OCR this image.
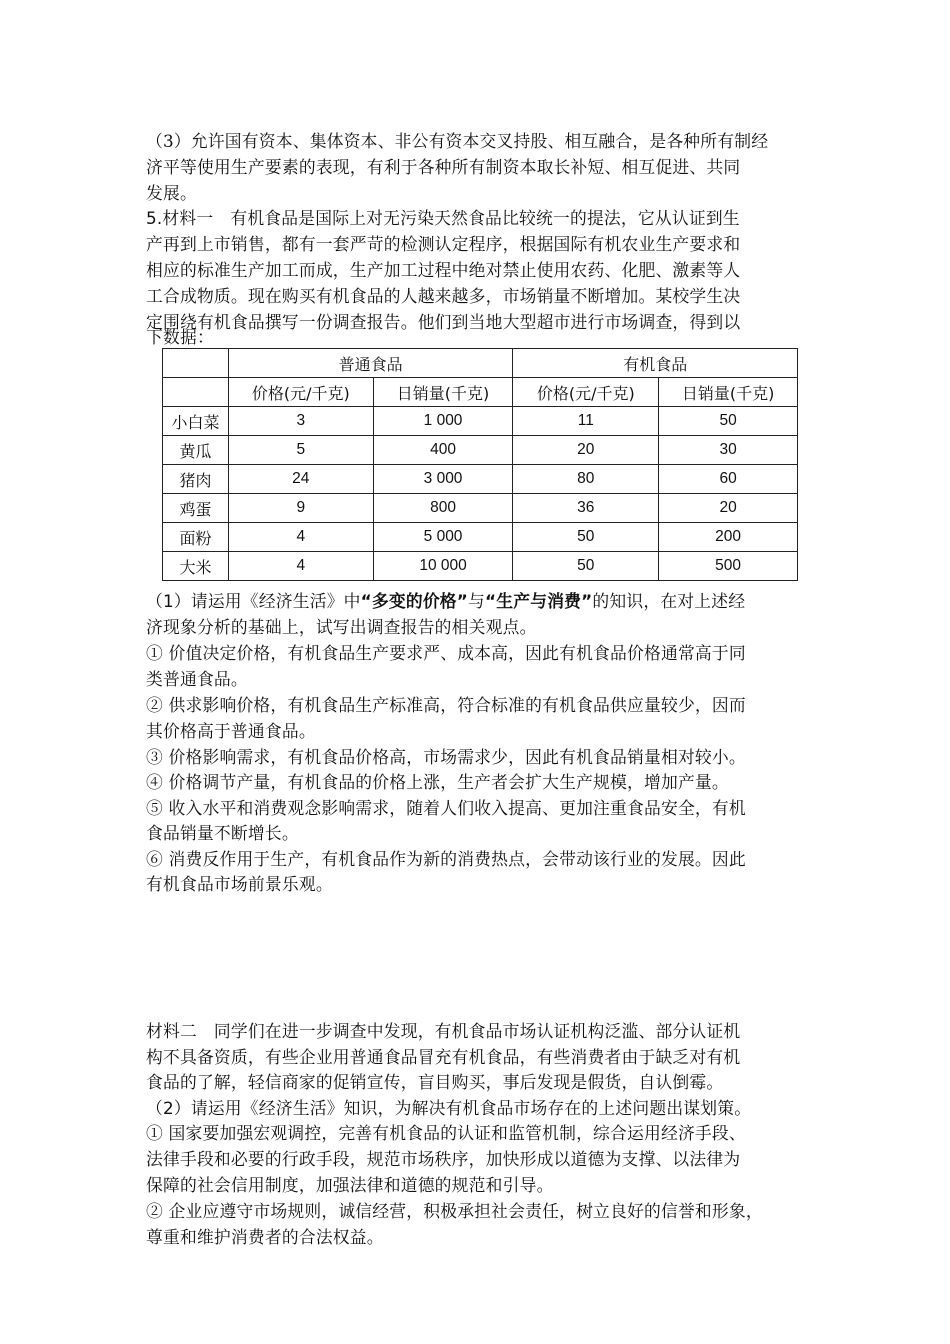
（3）允许国有资本、集体资本、非公有资本交叉持股、相互融合，是各种所有制经
济平等使用生产要素的表现，有利于各种所有制资本取长补短、相互促进、共同
发展。
5.材料一　有机食品是国际上对无污染天然食品比较统一的提法，它从认证到生
产再到上市销售，都有一套严苛的检测认定程序，根据国际有机农业生产要求和
相应的标准生产加工而成，生产加工过程中绝对禁止使用农药、化肥、激素等人
工合成物质。现在购买有机食品的人越来越多，市场销量不断增加。某校学生决
定围绕有机食品撰写一份调查报告。他们到当地大型超市进行市场调查，得到以
下数据：
	普通食品		有机食品	
	价格(元/千克)	日销量(千克)	价格(元/千克)	日销量(千克)
小白菜	3	1 000	11	50
黄瓜	5	400	20	30
猪肉	24	3 000	80	60
鸡蛋	9	800	36	20
面粉	4	5 000	50	200
大米	4	10 000	50	500
（1）请运用《经济生活》中“多变的价格”与“生产与消费”的知识，在对上述经
济现象分析的基础上，试写出调查报告的相关观点。
① 价值决定价格，有机食品生产要求严、成本高，因此有机食品价格通常高于同
类普通食品。
② 供求影响价格，有机食品生产标准高，符合标准的有机食品供应量较少，因而
其价格高于普通食品。
③ 价格影响需求，有机食品价格高，市场需求少，因此有机食品销量相对较小。
④ 价格调节产量，有机食品的价格上涨，生产者会扩大生产规模，增加产量。
⑤ 收入水平和消费观念影响需求，随着人们收入提高、更加注重食品安全，有机
食品销量不断增长。
⑥ 消费反作用于生产，有机食品作为新的消费热点，会带动该行业的发展。因此
有机食品市场前景乐观。
材料二　同学们在进一步调查中发现，有机食品市场认证机构泛滥、部分认证机
构不具备资质，有些企业用普通食品冒充有机食品，有些消费者由于缺乏对有机
食品的了解，轻信商家的促销宣传，盲目购买，事后发现是假货，自认倒霉。
（2）请运用《经济生活》知识，为解决有机食品市场存在的上述问题出谋划策。
① 国家要加强宏观调控，完善有机食品的认证和监管机制，综合运用经济手段、
法律手段和必要的行政手段，规范市场秩序，加快形成以道德为支撑、以法律为
保障的社会信用制度，加强法律和道德的规范和引导。
② 企业应遵守市场规则，诚信经营，积极承担社会责任，树立良好的信誉和形象，
尊重和维护消费者的合法权益。
